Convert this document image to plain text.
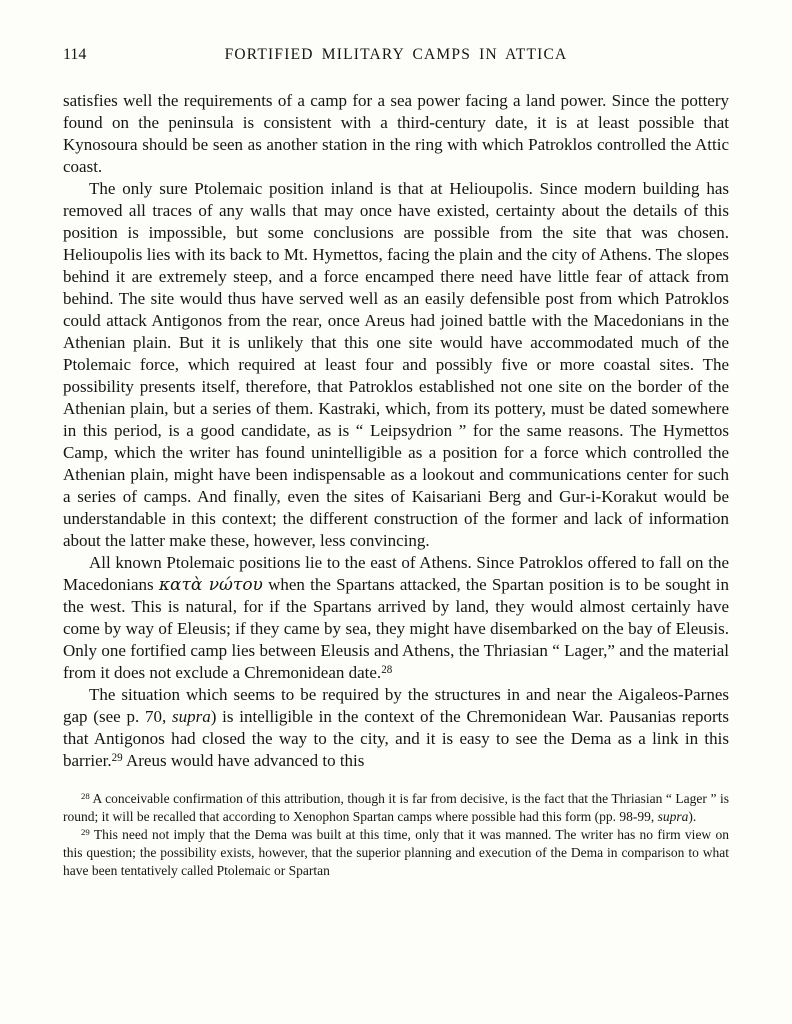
114	FORTIFIED MILITARY CAMPS IN ATTICA

satisfies well the requirements of a camp for a sea power facing a land power. Since the pottery found on the peninsula is consistent with a third-century date, it is at least possible that Kynosoura should be seen as another station in the ring with which Patroklos controlled the Attic coast.

The only sure Ptolemaic position inland is that at Helioupolis. Since modern building has removed all traces of any walls that may once have existed, certainty about the details of this position is impossible, but some conclusions are possible from the site that was chosen. Helioupolis lies with its back to Mt. Hymettos, facing the plain and the city of Athens. The slopes behind it are extremely steep, and a force encamped there need have little fear of attack from behind. The site would thus have served well as an easily defensible post from which Patroklos could attack Antigonos from the rear, once Areus had joined battle with the Macedonians in the Athenian plain. But it is unlikely that this one site would have accommodated much of the Ptolemaic force, which required at least four and possibly five or more coastal sites. The possibility presents itself, therefore, that Patroklos established not one site on the border of the Athenian plain, but a series of them. Kastraki, which, from its pottery, must be dated somewhere in this period, is a good candidate, as is “ Leipsydrion ” for the same reasons. The Hymettos Camp, which the writer has found unintelligible as a position for a force which controlled the Athenian plain, might have been indispensable as a lookout and communications center for such a series of camps. And finally, even the sites of Kaisariani Berg and Gur-i-Korakut would be understandable in this context; the different construction of the former and lack of information about the latter make these, however, less convincing.

All known Ptolemaic positions lie to the east of Athens. Since Patroklos offered to fall on the Macedonians κατὰ νώτου when the Spartans attacked, the Spartan position is to be sought in the west. This is natural, for if the Spartans arrived by land, they would almost certainly have come by way of Eleusis; if they came by sea, they might have disembarked on the bay of Eleusis. Only one fortified camp lies between Eleusis and Athens, the Thriasian “ Lager,” and the material from it does not exclude a Chremonidean date.$^{28}$

The situation which seems to be required by the structures in and near the Aigaleos-Parnes gap (see p. 70, supra) is intelligible in the context of the Chremonidean War. Pausanias reports that Antigonos had closed the way to the city, and it is easy to see the Dema as a link in this barrier.$^{29}$ Areus would have advanced to this

$^{28}$ A conceivable confirmation of this attribution, though it is far from decisive, is the fact that the Thriasian “ Lager ” is round; it will be recalled that according to Xenophon Spartan camps where possible had this form (pp. 98-99, supra).

$^{29}$ This need not imply that the Dema was built at this time, only that it was manned. The writer has no firm view on this question; the possibility exists, however, that the superior planning and execution of the Dema in comparison to what have been tentatively called Ptolemaic or Spartan
